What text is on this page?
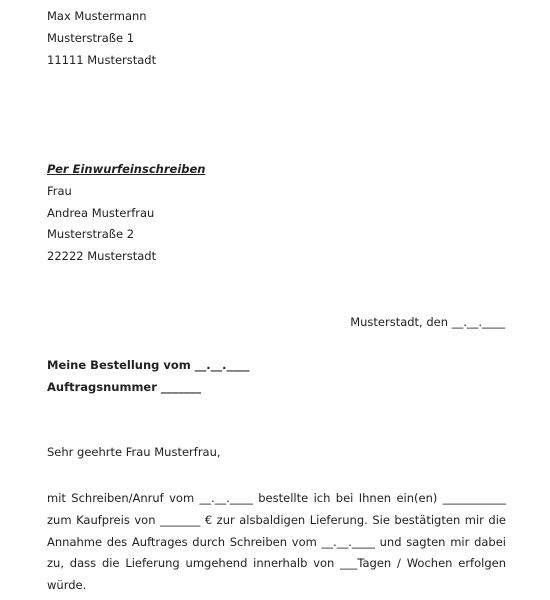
Max Mustermann
Musterstraße 1
11111 Musterstadt
Per Einwurfeinschreiben
Frau
Andrea Musterfrau
Musterstraße 2
22222 Musterstadt
Musterstadt, den __.__.____
Meine Bestellung vom __.__.____
Auftragsnummer _______
Sehr geehrte Frau Musterfrau,
mit Schreiben/Anruf vom __.__.____ bestellte ich bei Ihnen ein(en) ___________ zum Kaufpreis von _______ € zur alsbaldigen Lieferung. Sie bestätigten mir die Annahme des Auftrages durch Schreiben vom __.__.____ und sagten mir dabei zu, dass die Lieferung umgehend innerhalb von ___Tagen / Wochen erfolgen würde.
